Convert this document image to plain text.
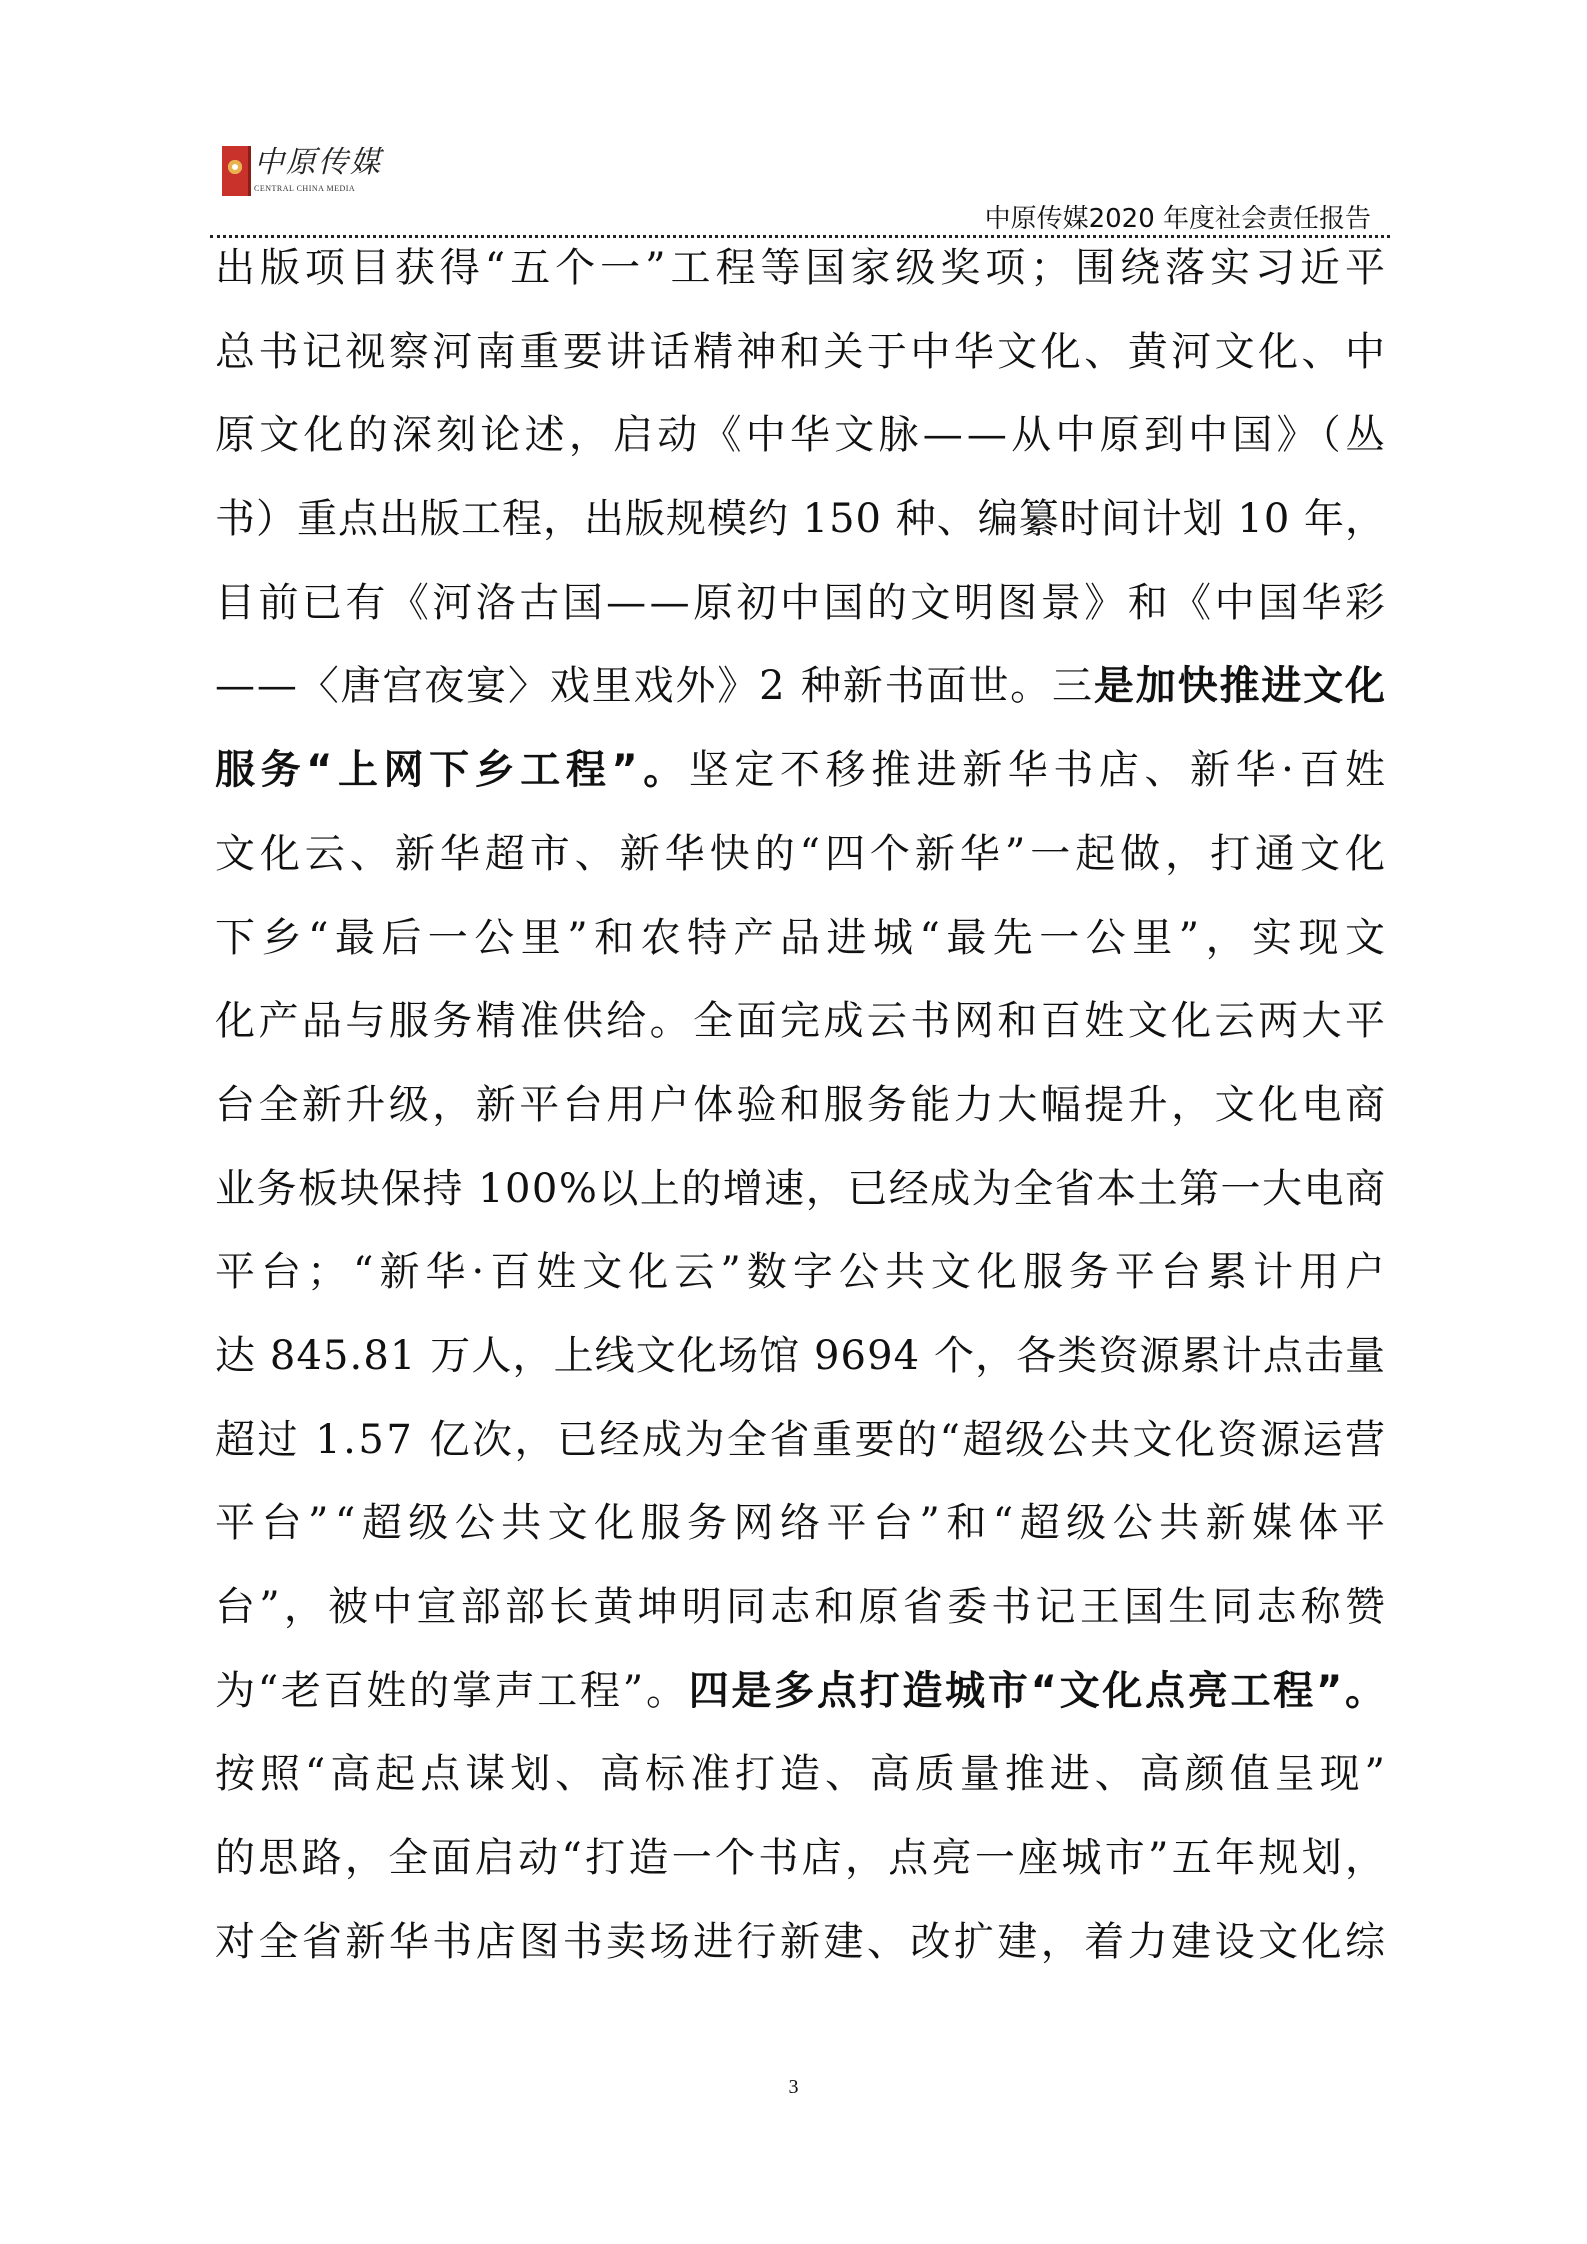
中原传媒
CENTRAL CHINA MEDIA
中原传媒2020 年度社会责任报告
出版项目获得“五个一”工程等国家级奖项；围绕落实习近平
总书记视察河南重要讲话精神和关于中华文化、黄河文化、中
原文化的深刻论述，启动《中华文脉——从中原到中国》（丛
书）重点出版工程，出版规模约 150 种、编纂时间计划 10 年，
目前已有《河洛古国——原初中国的文明图景》和《中国华彩
——〈唐宫夜宴〉戏里戏外》2 种新书面世。三 是加快推进文化
服务“上网下乡工程”。 坚定不移推进新华书店、新华·百姓
文化云、新华超市、新华快的“四个新华”一起做，打通文化
下乡“最后一公里”和农特产品进城“最先一公里”，实现文
化产品与服务精准供给。全面完成云书网和百姓文化云两大平
台全新升级，新平台用户体验和服务能力大幅提升，文化电商
业务板块保持 100%以上的增速，已经成为全省本土第一大电商
平台；“新华·百姓文化云”数字公共文化服务平台累计用户
达 845.81 万人，上线文化场馆 9694 个，各类资源累计点击量
超过 1.57 亿次，已经成为全省重要的“超级公共文化资源运营
平台”“超级公共文化服务网络平台”和“超级公共新媒体平
台”，被中宣部部长黄坤明同志和原省委书记王国生同志称赞
为“老百姓的掌声工程”。 四是多点打造城市“文化点亮工程”。
按照“高起点谋划、高标准打造、高质量推进、高颜值呈现”
的思路，全面启动“打造一个书店，点亮一座城市”五年规划，
对全省新华书店图书卖场进行新建、改扩建，着力建设文化综
3
